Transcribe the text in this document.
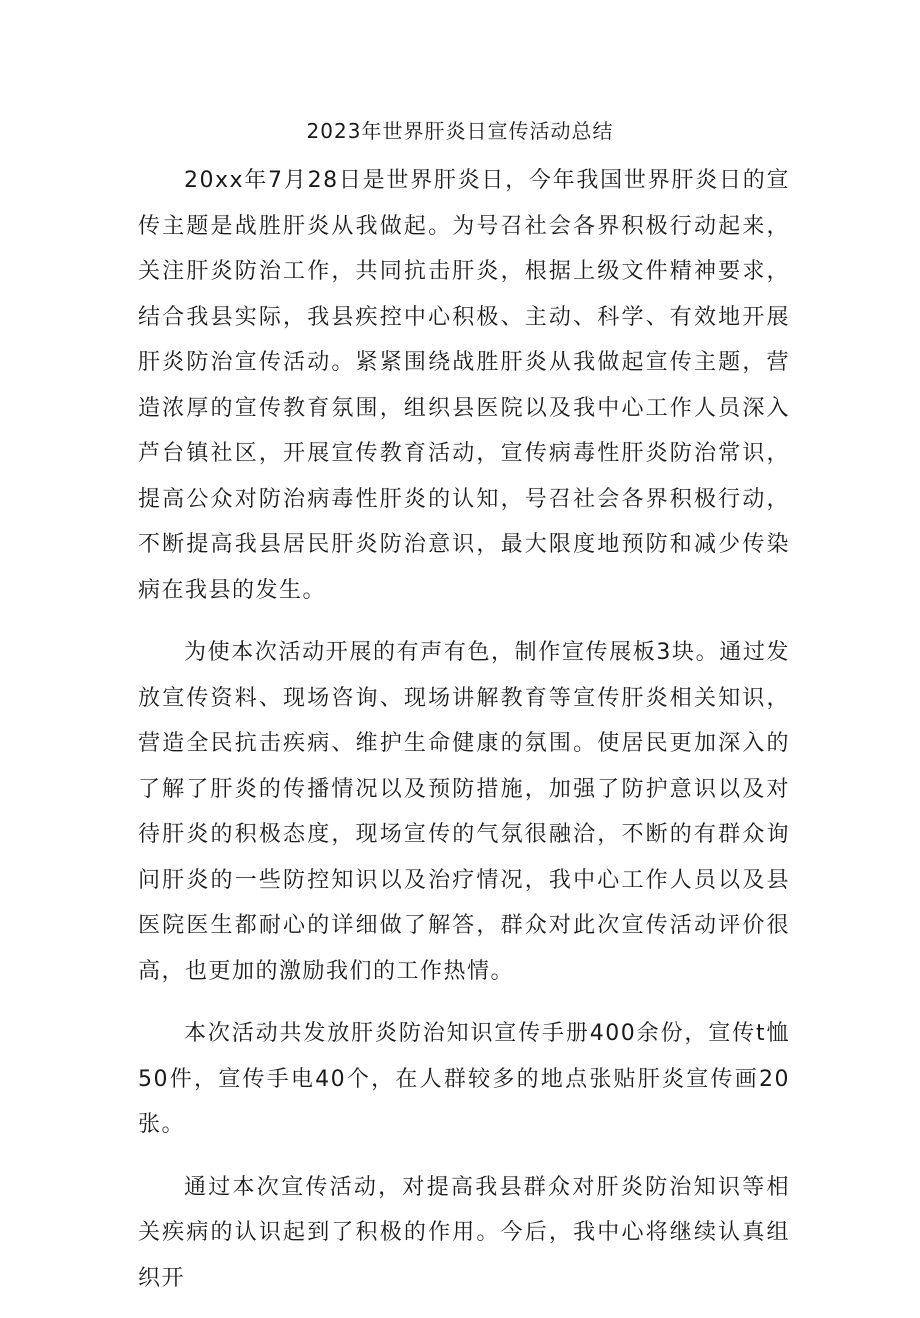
2023年世界肝炎日宣传活动总结

20xx年7月28日是世界肝炎日，今年我国世界肝炎日的宣传主题是战胜肝炎从我做起。为号召社会各界积极行动起来，关注肝炎防治工作，共同抗击肝炎，根据上级文件精神要求，结合我县实际，我县疾控中心积极、主动、科学、有效地开展肝炎防治宣传活动。紧紧围绕战胜肝炎从我做起宣传主题，营造浓厚的宣传教育氛围，组织县医院以及我中心工作人员深入芦台镇社区，开展宣传教育活动，宣传病毒性肝炎防治常识，提高公众对防治病毒性肝炎的认知，号召社会各界积极行动，不断提高我县居民肝炎防治意识，最大限度地预防和减少传染病在我县的发生。

为使本次活动开展的有声有色，制作宣传展板3块。通过发放宣传资料、现场咨询、现场讲解教育等宣传肝炎相关知识，营造全民抗击疾病、维护生命健康的氛围。使居民更加深入的了解了肝炎的传播情况以及预防措施，加强了防护意识以及对待肝炎的积极态度，现场宣传的气氛很融洽，不断的有群众询问肝炎的一些防控知识以及治疗情况，我中心工作人员以及县医院医生都耐心的详细做了解答，群众对此次宣传活动评价很高，也更加的激励我们的工作热情。

本次活动共发放肝炎防治知识宣传手册400余份，宣传t恤50件，宣传手电40个，在人群较多的地点张贴肝炎宣传画20张。

通过本次宣传活动，对提高我县群众对肝炎防治知识等相关疾病的认识起到了积极的作用。今后，我中心将继续认真组织开
